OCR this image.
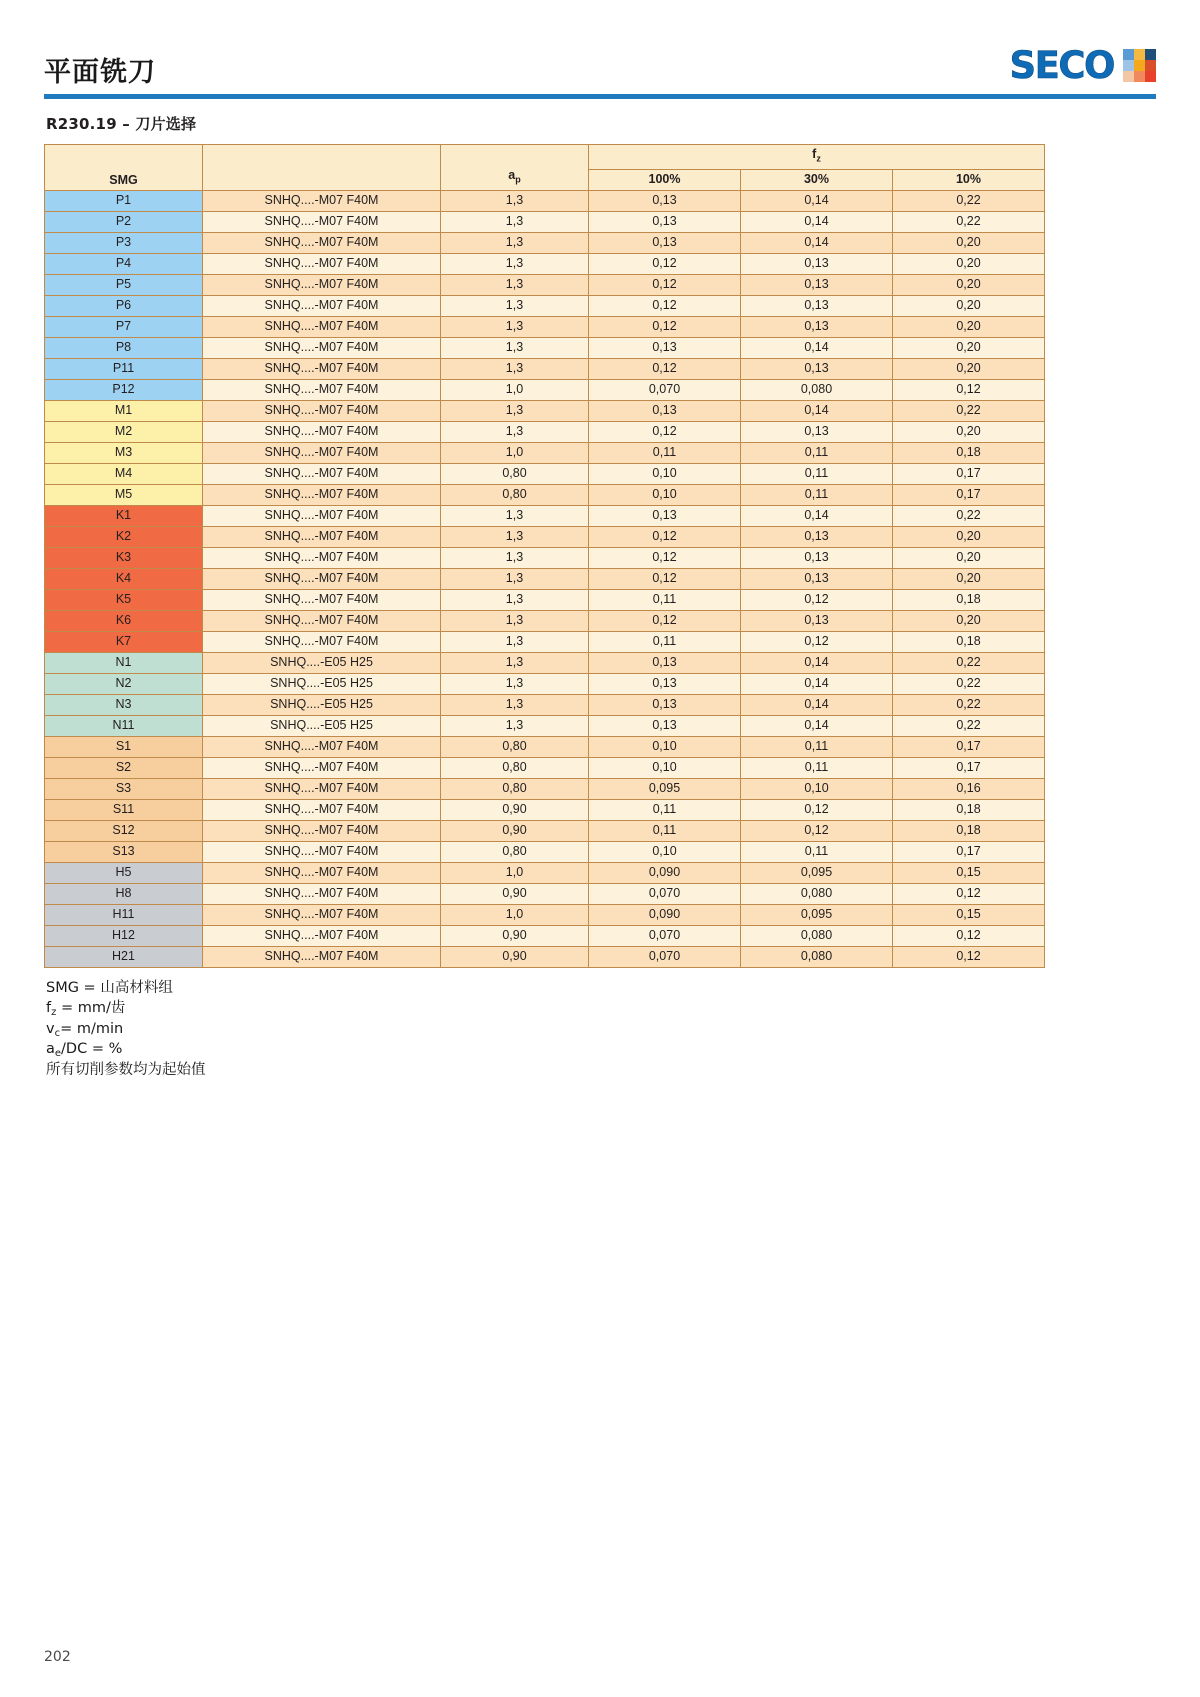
平面铣刀	SECO
R230.19 – 刀片选择
SMG		$a_p$	$f_z$
			100%	30%	10%
P1	SNHQ....-M07 F40M	1,3	0,13	0,14	0,22
P2	SNHQ....-M07 F40M	1,3	0,13	0,14	0,22
P3	SNHQ....-M07 F40M	1,3	0,13	0,14	0,20
P4	SNHQ....-M07 F40M	1,3	0,12	0,13	0,20
P5	SNHQ....-M07 F40M	1,3	0,12	0,13	0,20
P6	SNHQ....-M07 F40M	1,3	0,12	0,13	0,20
P7	SNHQ....-M07 F40M	1,3	0,12	0,13	0,20
P8	SNHQ....-M07 F40M	1,3	0,13	0,14	0,20
P11	SNHQ....-M07 F40M	1,3	0,12	0,13	0,20
P12	SNHQ....-M07 F40M	1,0	0,070	0,080	0,12
M1	SNHQ....-M07 F40M	1,3	0,13	0,14	0,22
M2	SNHQ....-M07 F40M	1,3	0,12	0,13	0,20
M3	SNHQ....-M07 F40M	1,0	0,11	0,11	0,18
M4	SNHQ....-M07 F40M	0,80	0,10	0,11	0,17
M5	SNHQ....-M07 F40M	0,80	0,10	0,11	0,17
K1	SNHQ....-M07 F40M	1,3	0,13	0,14	0,22
K2	SNHQ....-M07 F40M	1,3	0,12	0,13	0,20
K3	SNHQ....-M07 F40M	1,3	0,12	0,13	0,20
K4	SNHQ....-M07 F40M	1,3	0,12	0,13	0,20
K5	SNHQ....-M07 F40M	1,3	0,11	0,12	0,18
K6	SNHQ....-M07 F40M	1,3	0,12	0,13	0,20
K7	SNHQ....-M07 F40M	1,3	0,11	0,12	0,18
N1	SNHQ....-E05 H25	1,3	0,13	0,14	0,22
N2	SNHQ....-E05 H25	1,3	0,13	0,14	0,22
N3	SNHQ....-E05 H25	1,3	0,13	0,14	0,22
N11	SNHQ....-E05 H25	1,3	0,13	0,14	0,22
S1	SNHQ....-M07 F40M	0,80	0,10	0,11	0,17
S2	SNHQ....-M07 F40M	0,80	0,10	0,11	0,17
S3	SNHQ....-M07 F40M	0,80	0,095	0,10	0,16
S11	SNHQ....-M07 F40M	0,90	0,11	0,12	0,18
S12	SNHQ....-M07 F40M	0,90	0,11	0,12	0,18
S13	SNHQ....-M07 F40M	0,80	0,10	0,11	0,17
H5	SNHQ....-M07 F40M	1,0	0,090	0,095	0,15
H8	SNHQ....-M07 F40M	0,90	0,070	0,080	0,12
H11	SNHQ....-M07 F40M	1,0	0,090	0,095	0,15
H12	SNHQ....-M07 F40M	0,90	0,070	0,080	0,12
H21	SNHQ....-M07 F40M	0,90	0,070	0,080	0,12
SMG = 山高材料组
$f_z = mm/$齿
$v_c= m/\min$
$a_e/DC$ = %
所有切削参数均为起始值
202
